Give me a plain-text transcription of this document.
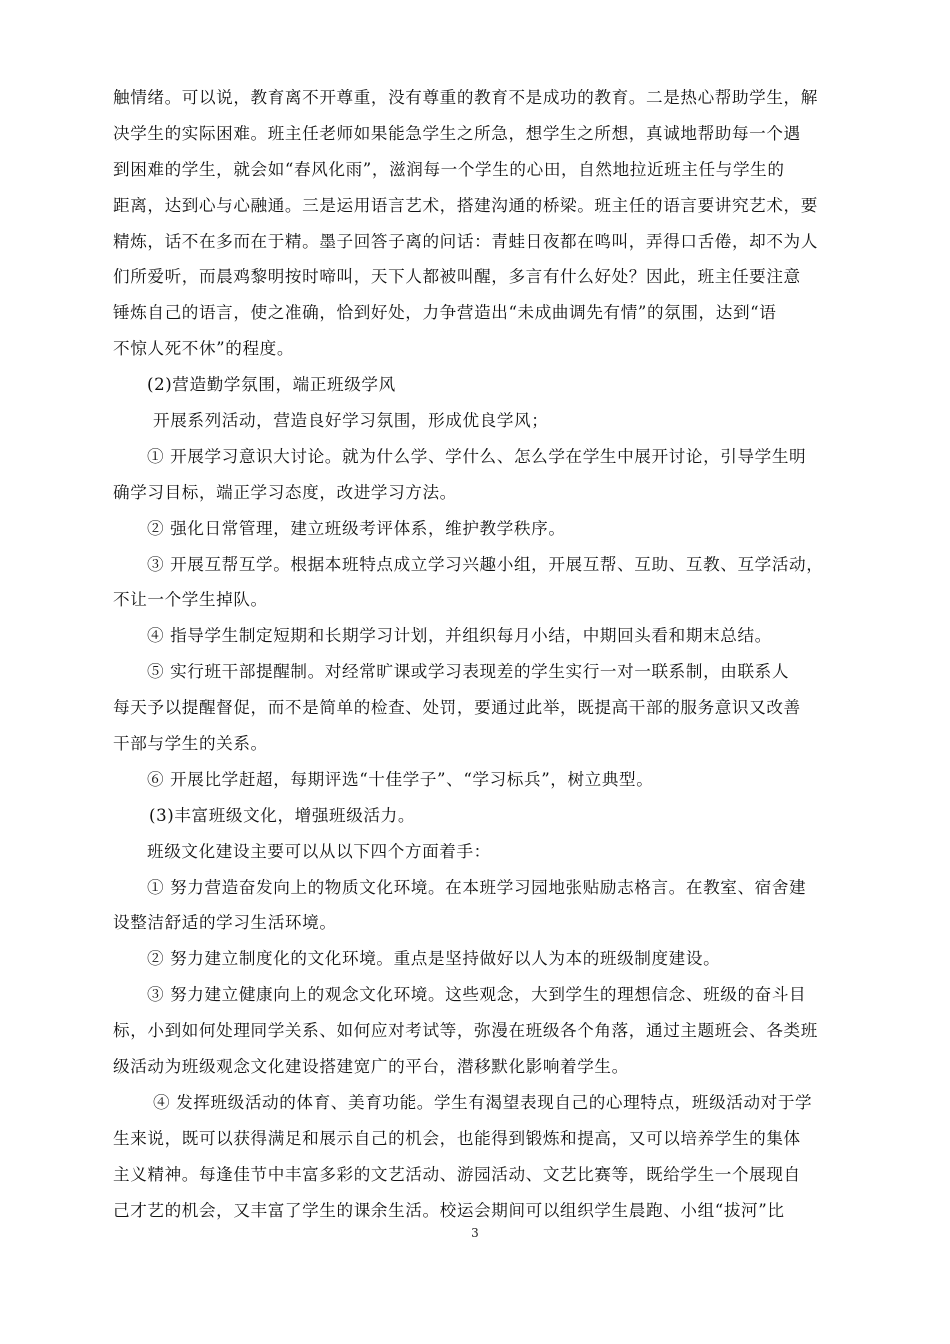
触情绪。可以说，教育离不开尊重，没有尊重的教育不是成功的教育。二是热心帮助学生，解
决学生的实际困难。班主任老师如果能急学生之所急，想学生之所想，真诚地帮助每一个遇
到困难的学生，就会如“春风化雨”，滋润每一个学生的心田，自然地拉近班主任与学生的
距离，达到心与心融通。三是运用语言艺术，搭建沟通的桥梁。班主任的语言要讲究艺术，要
精炼，话不在多而在于精。墨子回答子离的问话：青蛙日夜都在鸣叫，弄得口舌倦，却不为人
们所爱听，而晨鸡黎明按时啼叫，天下人都被叫醒，多言有什么好处？因此，班主任要注意
锤炼自己的语言，使之准确，恰到好处，力争营造出“未成曲调先有情”的氛围，达到“语
不惊人死不休”的程度。
(2)营造勤学氛围，端正班级学风
开展系列活动，营造良好学习氛围，形成优良学风；
① 开展学习意识大讨论。就为什么学、学什么、怎么学在学生中展开讨论，引导学生明
确学习目标，端正学习态度，改进学习方法。
② 强化日常管理，建立班级考评体系，维护教学秩序。
③ 开展互帮互学。根据本班特点成立学习兴趣小组，开展互帮、互助、互教、互学活动，
不让一个学生掉队。
④ 指导学生制定短期和长期学习计划，并组织每月小结，中期回头看和期末总结。
⑤ 实行班干部提醒制。对经常旷课或学习表现差的学生实行一对一联系制，由联系人
每天予以提醒督促，而不是简单的检查、处罚，要通过此举，既提高干部的服务意识又改善
干部与学生的关系。
⑥ 开展比学赶超，每期评选“十佳学子”、“学习标兵”，树立典型。
(3)丰富班级文化，增强班级活力。
班级文化建设主要可以从以下四个方面着手：
① 努力营造奋发向上的物质文化环境。在本班学习园地张贴励志格言。在教室、宿舍建
设整洁舒适的学习生活环境。
② 努力建立制度化的文化环境。重点是坚持做好以人为本的班级制度建设。
③ 努力建立健康向上的观念文化环境。这些观念，大到学生的理想信念、班级的奋斗目
标，小到如何处理同学关系、如何应对考试等，弥漫在班级各个角落，通过主题班会、各类班
级活动为班级观念文化建设搭建宽广的平台，潜移默化影响着学生。
④ 发挥班级活动的体育、美育功能。学生有渴望表现自己的心理特点，班级活动对于学
生来说，既可以获得满足和展示自己的机会，也能得到锻炼和提高，又可以培养学生的集体
主义精神。每逢佳节中丰富多彩的文艺活动、游园活动、文艺比赛等，既给学生一个展现自
己才艺的机会，又丰富了学生的课余生活。校运会期间可以组织学生晨跑、小组“拔河”比
3
